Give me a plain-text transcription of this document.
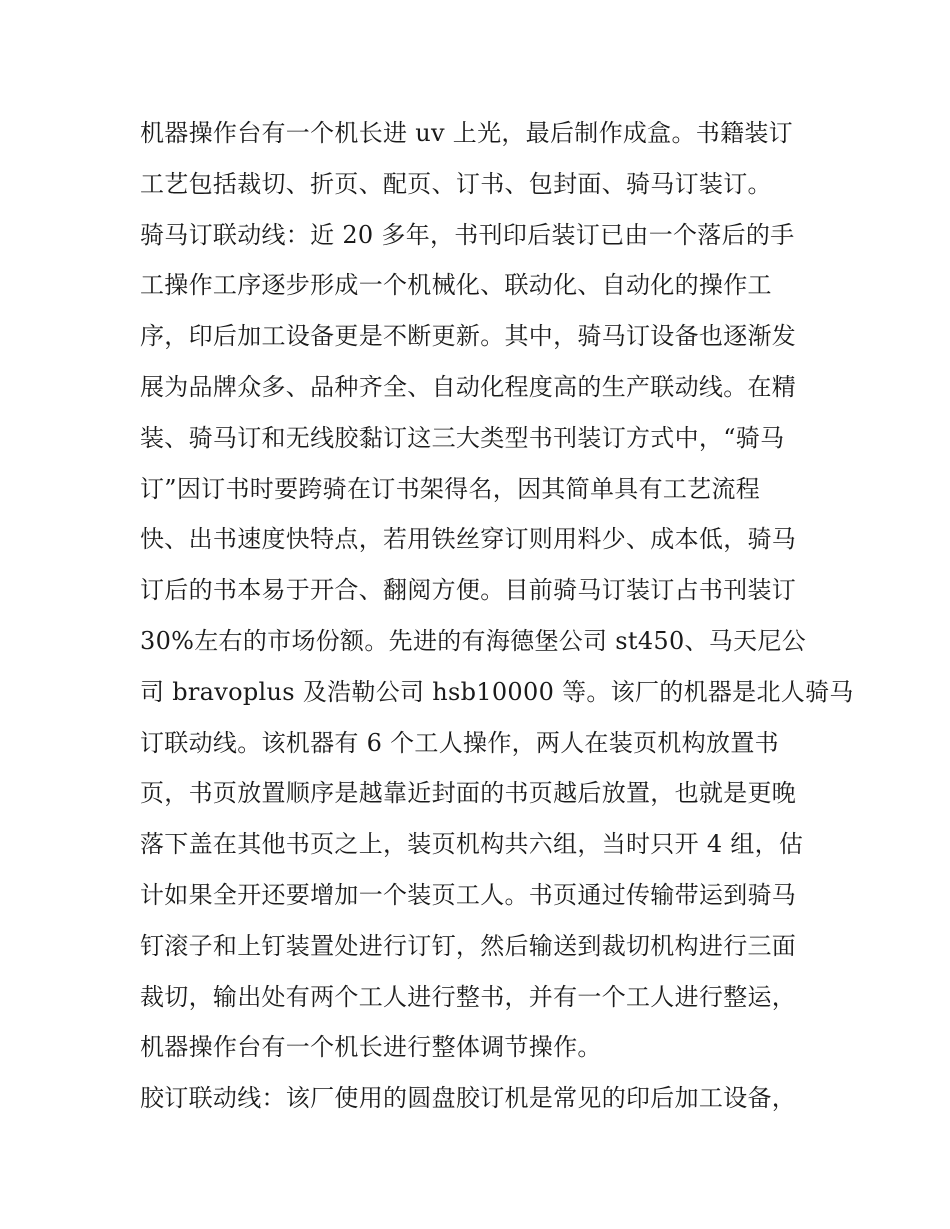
机器操作台有一个机长进 uv 上光，最后制作成盒。书籍装订
工艺包括裁切、折页、配页、订书、包封面、骑马订装订。
骑马订联动线：近 20 多年，书刊印后装订已由一个落后的手
工操作工序逐步形成一个机械化、联动化、自动化的操作工
序，印后加工设备更是不断更新。其中，骑马订设备也逐渐发
展为品牌众多、品种齐全、自动化程度高的生产联动线。在精
装、骑马订和无线胶黏订这三大类型书刊装订方式中，“骑马
订”因订书时要跨骑在订书架得名，因其简单具有工艺流程
快、出书速度快特点，若用铁丝穿订则用料少、成本低，骑马
订后的书本易于开合、翻阅方便。目前骑马订装订占书刊装订
30%左右的市场份额。先进的有海德堡公司 st450、马天尼公
司 bravoplus 及浩勒公司 hsb10000 等。该厂的机器是北人骑马
订联动线。该机器有 6 个工人操作，两人在装页机构放置书
页，书页放置顺序是越靠近封面的书页越后放置，也就是更晚
落下盖在其他书页之上，装页机构共六组，当时只开 4 组，估
计如果全开还要增加一个装页工人。书页通过传输带运到骑马
钉滚子和上钉装置处进行订钉，然后输送到裁切机构进行三面
裁切，输出处有两个工人进行整书，并有一个工人进行整运，
机器操作台有一个机长进行整体调节操作。
胶订联动线：该厂使用的圆盘胶订机是常见的印后加工设备，
